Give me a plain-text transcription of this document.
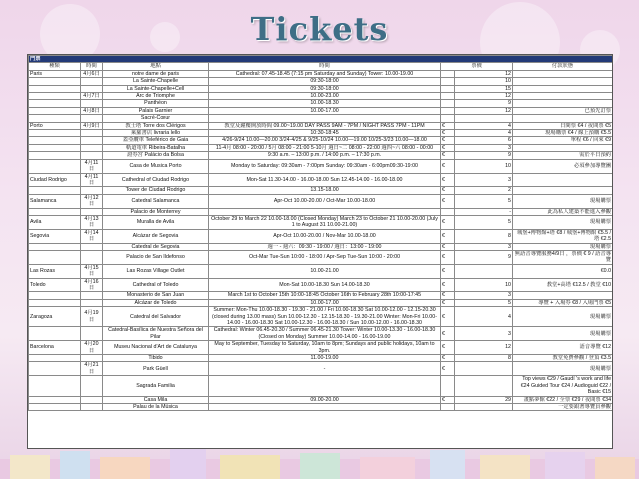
Tickets
門票						
種類	時間	地點	時間	票價		付款狀態
Paris	4月6日	notre dame de paris	Cathedral: 07.45-18.45 (7:15 pm Saturday and Sunday) Tower: 10.00-19.00		12	
		La Sainte-Chapelle	09:30-18:00		10	
		La Sainte-Chapelle+Cell	09:30-18:00		15	
	4月7日	Arc de Triomphe	10.00-23.00		12	
		Panthéon	10.00-18.30		9	
	4月8日	Palais Garnier	10.00-17.00		12	已預先訂票
		Sacré-Cœur				
Porto	4月9日	教士塔 Torre dos Clérigos	教堂及鐘樓開放時間 09.00~19.00 DAY PASS 9AM - 7PM / NIGHT PASS 7PM - 11PM	€	4	日間票 €4 / 夜間票 €5
		萊羅書店 livraria lello	10:30-18:45	€	4	現場購票 €4 / 線上預購 €5.5
		蓋亞纜車 Teleférico de Gaia	4/26-9/24 10.00—20.00 3/24-4/25 & 9/25-10/24 10.00—19.00 10/25-3/23 10.00—18.00	€	6	單程 €6 / 回來 €9
		軌道電車 Ribeira-Batalha	11-4月 08:00 - 20:00 / 5月 08:00 - 21:00 5-10月 週日~二 08:00 - 22:00 週四~六 08:00 - 00:00	€	3	
		證券宮 Palácio da Bolsa	9:30 a.m. – 13:00 p.m. / 14:00 p.m. – 17:30 p.m.	€	9	需於平日預約
	4月11日	Casa de Musica Porto	Monday to Saturday: 09:30am - 7:00pm Sunday: 09:30am - 6:00pm09:30-19:00	€	10	必須參加導覽團
Ciudad Rodrigo	4月11日	Cathedral of Ciudad Rodrigo	Mon-Sat 11.30-14.00 - 16.00-18.00 Sun 12.45-14.00 - 16.00-18.00	€	3	
		Tower de Ciudad Rodrigo	13.15-18.00	€	2	
Salamanca	4月12日	Catedral Salamanca	Apr-Oct 10.00-20.00 / Oct-Mar 10.00-18.00	€	5	現場購票
		Palacio de Monterrey			-	此為私人建築不能進入參觀
Avila	4月13日	Muralla de Avila	October 29 to March 22 10.00-18.00 (Closed Monday) March 23 to October 21 10.00-20.00 (July 1 to August 31 10.00-21.00)	€	5	現場購票
Segovia	4月14日	Alcázar de Segovia	Apr-Oct 10.00-20.00 / Nov-Mar 10.00-18.00	€	8	城堡+博物館+塔 €8 / 城堡+博物館 €5.5 / 塔 €2.5
		Catedral de Segovia	週一 - 週六：09:30 - 19:00 / 週日：13:00 - 19:00	€	3	現場購票
		Palacio de San Ildefonso	Oct-Mar Tue-Sun 10:00 - 18:00 / Apr-Sep Tue-Sun 10:00 - 20:00	€	9	無語音導覽服務4/9日 ，票價 € 9 / 語音導覽
Las Rozas	4月15日	Las Rozas Village Outlet	10.00-21.00	€		€0.0
Toledo	4月16日	Cathedral of Toledo	Mon-Sat 10.00-18.30 Sun 14.00-18.30	€	10	教堂+高塔 €12.5 / 教堂 €10
		Monasterio de San Juan	March 1st to October 15th 10:00-18:45 October 16th to February 28th 10:00-17:45	€	3	
		Alcázar de Toledo	10.00-17.00	€	5	導覽 + 入場券 €8 / 入場門票 €5
Zaragoza	4月19日	Catedral del Salvador	Summer: Mon-Thu 10.00-18.30 - 19.30 - 21.00 / Fri 10.00-18.30 Sat 10.00-12.00 - 12.15-20.30 (closed during 13.00 mass) Sun 10.00-12.30 - 12.15-18.30 - 19.30-21.00 Winter: Mon-Fri 10.00-14.00 - 16.00-18.30 Sat 10.00-12.30 - 16.00-18.30 / Sun 10.00-12.00 - 16.00-18.30	€	4	現場購票
		Catedral-Basílica de Nuestra Señora del Pilar	Cathedral: Winter 06.45-20.30 / Summer 06.45-21.30 Tower: Winter 10.00-13.30 - 16.00-18.30 (Closed on Monday) Summer 10.00-14.00 - 16.00-19.00	€	3	現場購票
Barcelona	4月20日	Museu Nacional d'Art de Catalunya	May to September, Tuesday to Saturday, 10am to 8pm; Sundays and public holidays, 10am to 3pm.	€	12	語音導覽 €12
		Tibido	11.00-19.00	€	8	教堂免費參觀 / 登頂 €3.5
	4月21日	Park Güell	-	€		現場購票
		Sagrada Familia				Top views €29 / Gaudí 's work and life €24 Guided Tour €24 / Audioguid €22 / Basic €15
		Casa Mila	09.00-20.00	€	29	畫點夢館 €22 / 全票 €29 / 夜間票 €34
		Palau de la Música				一定要跟著導覽員參觀
